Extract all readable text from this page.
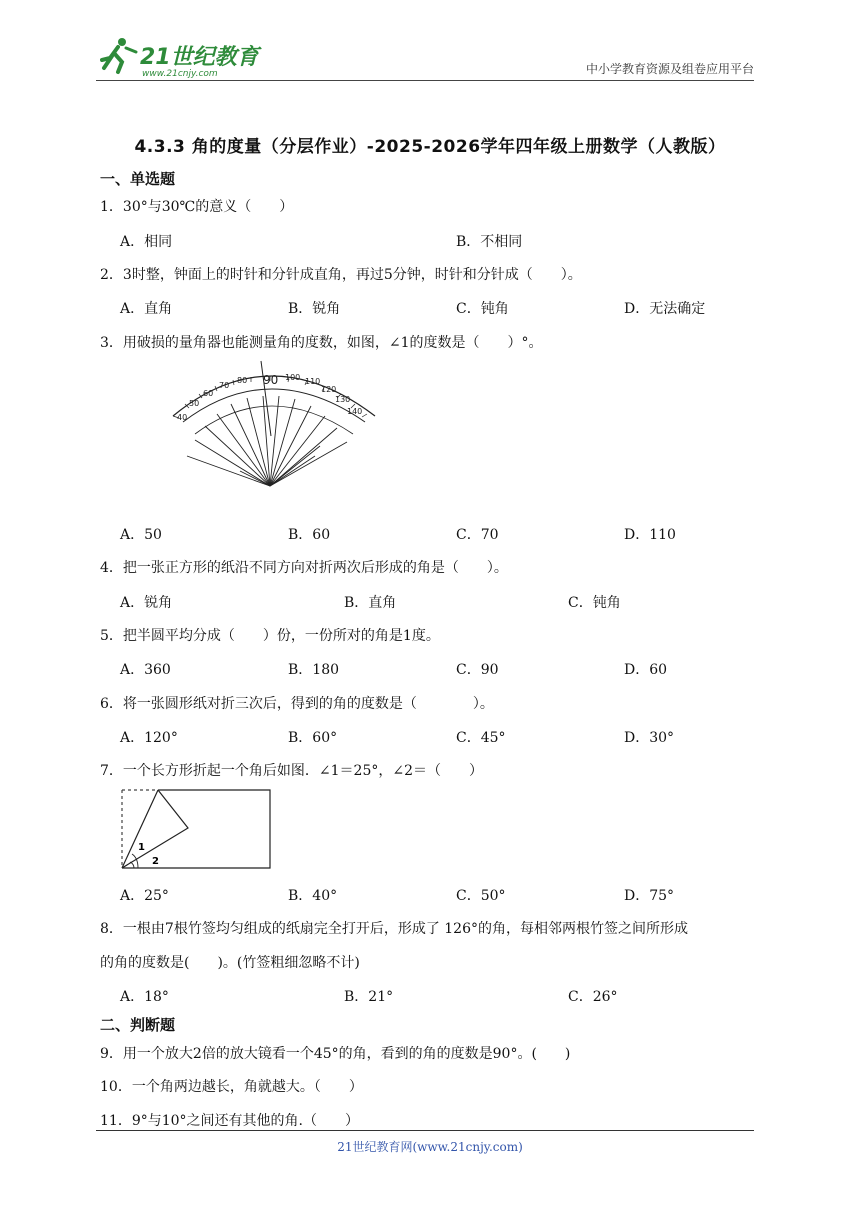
21世纪教育
www.21cnjy.com	中小学教育资源及组卷应用平台
4.3.3 角的度量（分层作业）-2025-2026学年四年级上册数学（人教版）
一、单选题
1．30°与30℃的意义（　　）
A．相同	B．不相同
2．3时整，钟面上的时针和分针成直角，再过5分钟，时针和分针成（　　）。
A．直角	B．锐角	C．钝角	D．无法确定
3．用破损的量角器也能测量角的度数，如图，∠1的度数是（　　）°。
40
50
60
70
80 90 100 110
120
130
140
A．50	B．60	C．70	D．110
4．把一张正方形的纸沿不同方向对折两次后形成的角是（　　）。
A．锐角	B．直角	C．钝角
5．把半圆平均分成（　　）份，一份所对的角是1度。
A．360	B．180	C．90	D．60
6．将一张圆形纸对折三次后，得到的角的度数是（　　　　）。
A．120°	B．60°	C．45°	D．30°
7．一个长方形折起一个角后如图．∠1＝25°，∠2＝（　　）
1
2
A．25°	B．40°	C．50°	D．75°
8．一根由7根竹签均匀组成的纸扇完全打开后，形成了 126°的角，每相邻两根竹签之间所形成
的角的度数是(　　)。(竹签粗细忽略不计)
A．18°	B．21°	C．26°
二、判断题
9．用一个放大2倍的放大镜看一个45°的角，看到的角的度数是90°。(　　)
10．一个角两边越长，角就越大。（　　）
11．9°与10°之间还有其他的角.（　　）
21世纪教育网(www.21cnjy.com)
